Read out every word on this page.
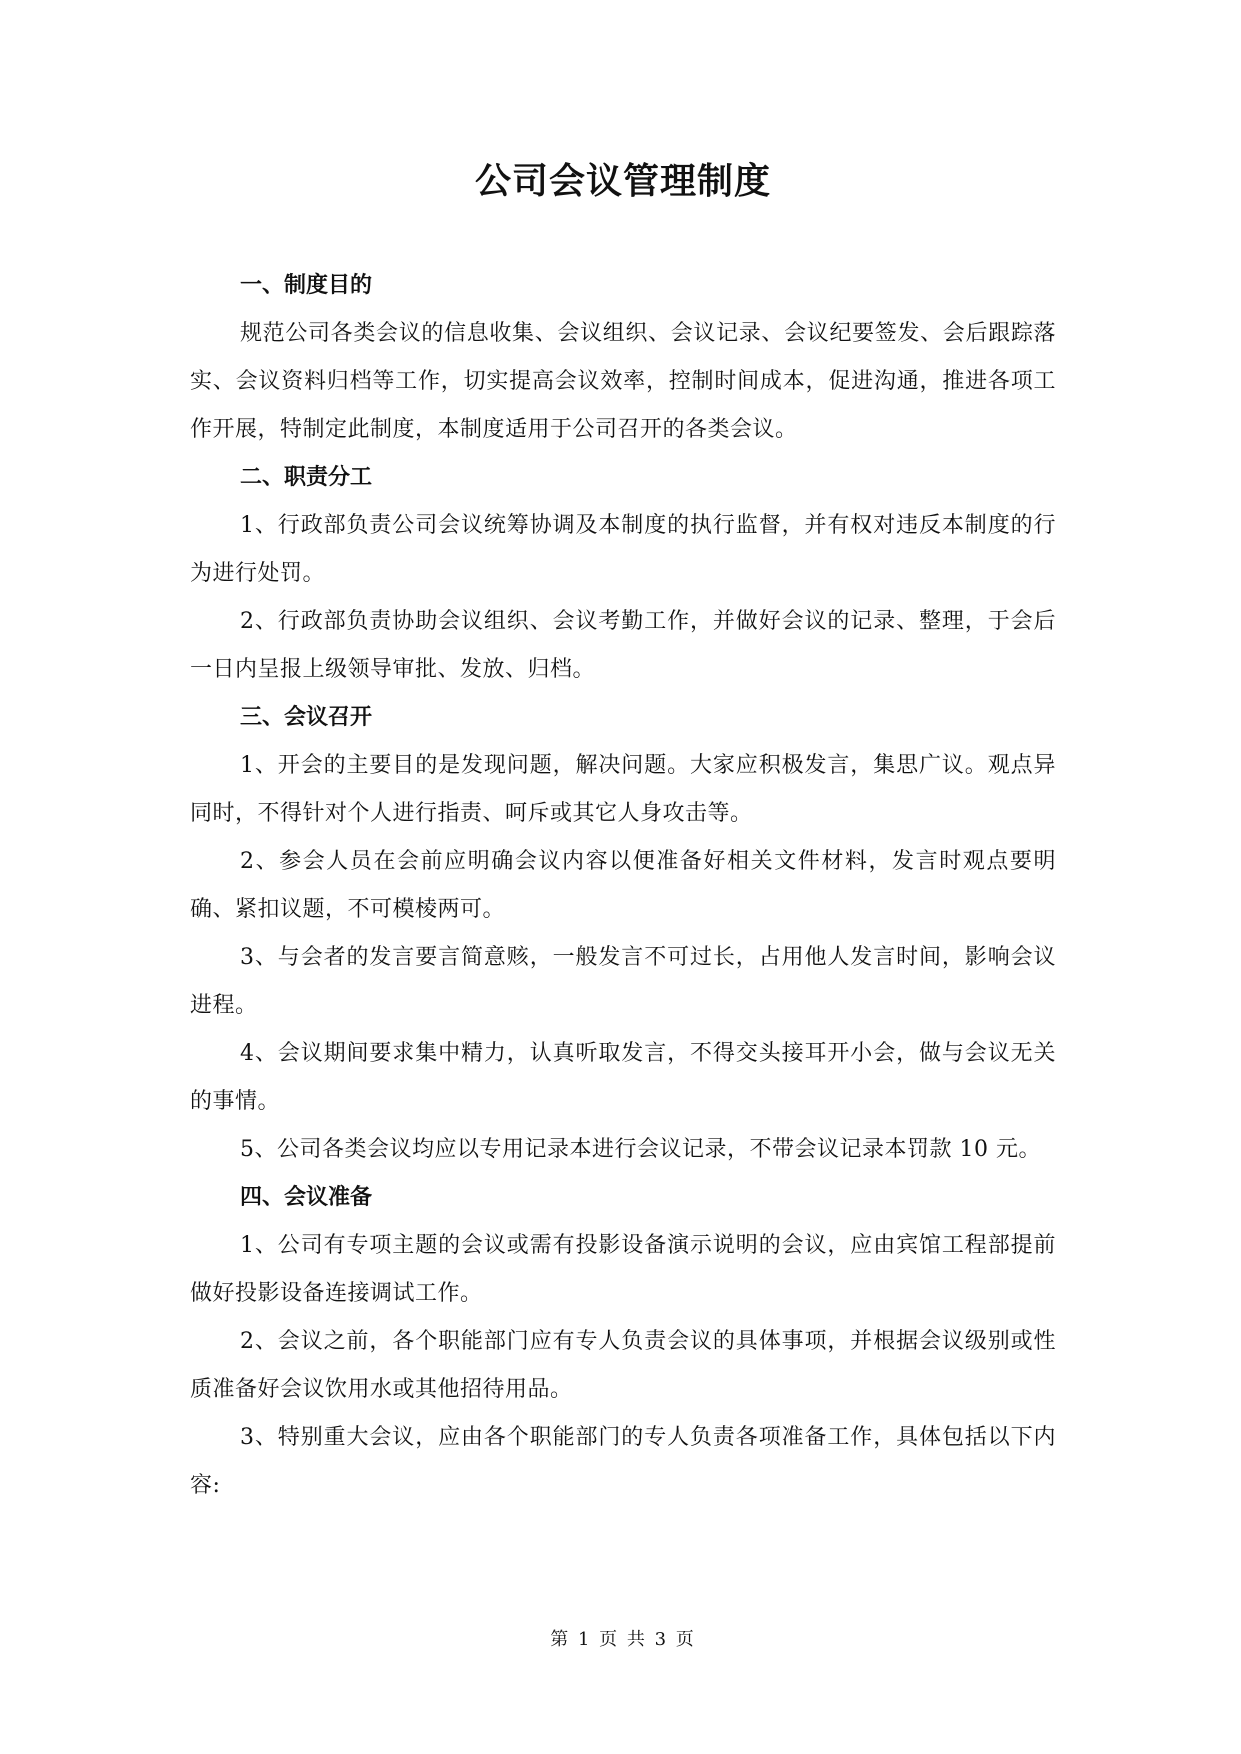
公司会议管理制度

一、制度目的

规范公司各类会议的信息收集、会议组织、会议记录、会议纪要签发、会后跟踪落实、会议资料归档等工作，切实提高会议效率，控制时间成本，促进沟通，推进各项工作开展，特制定此制度，本制度适用于公司召开的各类会议。

二、职责分工

1、行政部负责公司会议统筹协调及本制度的执行监督，并有权对违反本制度的行为进行处罚。

2、行政部负责协助会议组织、会议考勤工作，并做好会议的记录、整理，于会后一日内呈报上级领导审批、发放、归档。

三、会议召开

1、开会的主要目的是发现问题，解决问题。大家应积极发言，集思广议。观点异同时，不得针对个人进行指责、呵斥或其它人身攻击等。

2、参会人员在会前应明确会议内容以便准备好相关文件材料，发言时观点要明确、紧扣议题，不可模棱两可。

3、与会者的发言要言简意赅，一般发言不可过长，占用他人发言时间，影响会议进程。

4、会议期间要求集中精力，认真听取发言，不得交头接耳开小会，做与会议无关的事情。

5、公司各类会议均应以专用记录本进行会议记录，不带会议记录本罚款 10 元。

四、会议准备

1、公司有专项主题的会议或需有投影设备演示说明的会议，应由宾馆工程部提前做好投影设备连接调试工作。

2、会议之前，各个职能部门应有专人负责会议的具体事项，并根据会议级别或性质准备好会议饮用水或其他招待用品。

3、特别重大会议，应由各个职能部门的专人负责各项准备工作，具体包括以下内容:

第 1 页 共 3 页
